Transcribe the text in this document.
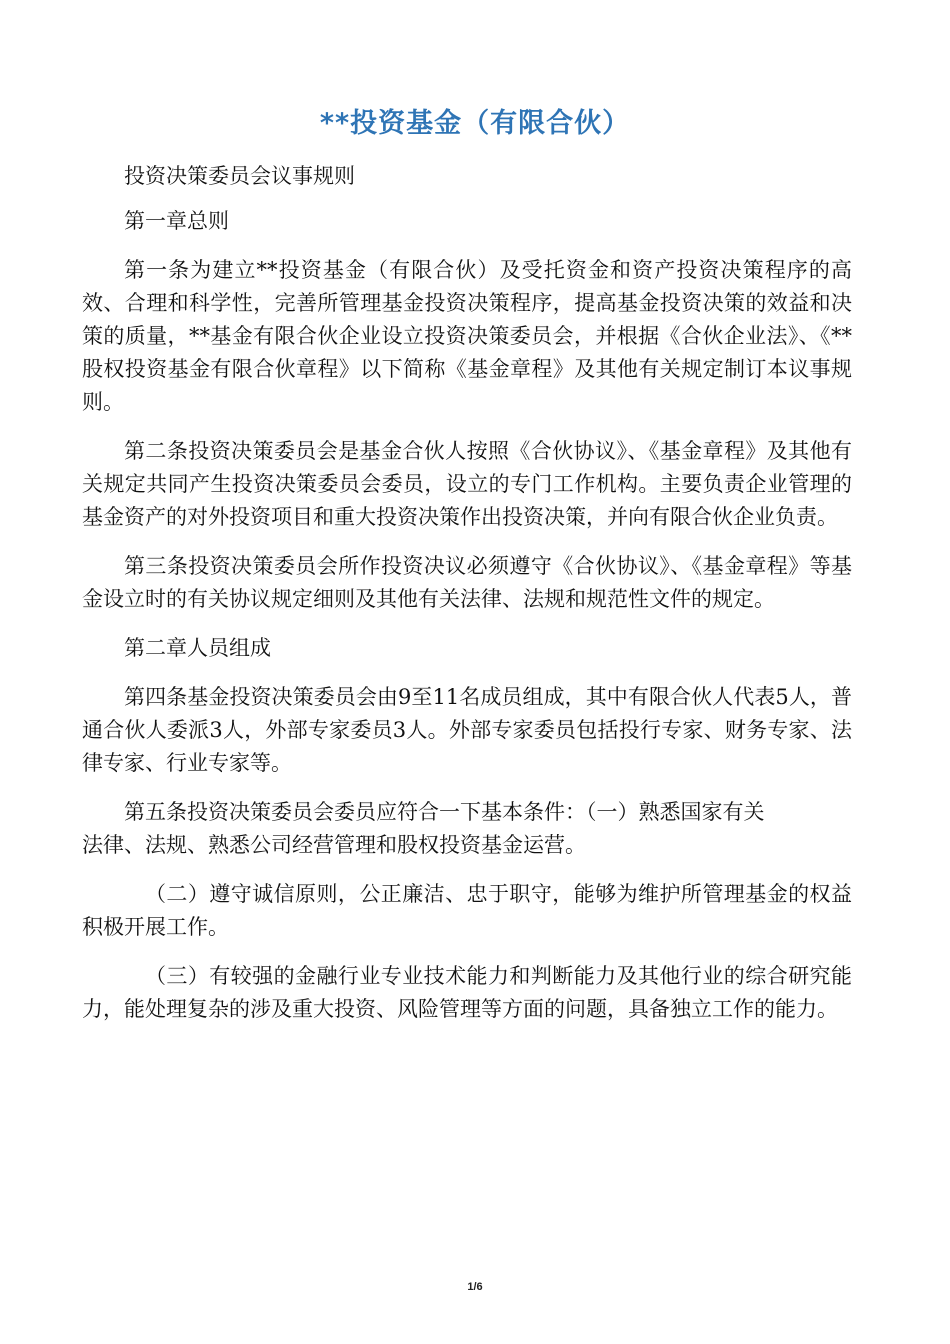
**投资基金（有限合伙）

投资决策委员会议事规则

第一章总则

第一条为建立**投资基金（有限合伙）及受托资金和资产投资决策程序的高效、合理和科学性，完善所管理基金投资决策程序，提高基金投资决策的效益和决策的质量，**基金有限合伙企业设立投资决策委员会，并根据《合伙企业法》、《**股权投资基金有限合伙章程》以下简称《基金章程》及其他有关规定制订本议事规则。

第二条投资决策委员会是基金合伙人按照《合伙协议》、《基金章程》及其他有关规定共同产生投资决策委员会委员，设立的专门工作机构。主要负责企业管理的基金资产的对外投资项目和重大投资决策作出投资决策，并向有限合伙企业负责。

第三条投资决策委员会所作投资决议必须遵守《合伙协议》、《基金章程》等基金设立时的有关协议规定细则及其他有关法律、法规和规范性文件的规定。

第二章人员组成

第四条基金投资决策委员会由9至11名成员组成，其中有限合伙人代表5人，普通合伙人委派3人，外部专家委员3人。外部专家委员包括投行专家、财务专家、法律专家、行业专家等。

第五条投资决策委员会委员应符合一下基本条件：（一）熟悉国家有关

法律、法规、熟悉公司经营管理和股权投资基金运营。

（二）遵守诚信原则，公正廉洁、忠于职守，能够为维护所管理基金的权益积极开展工作。

（三）有较强的金融行业专业技术能力和判断能力及其他行业的综合研究能力，能处理复杂的涉及重大投资、风险管理等方面的问题，具备独立工作的能力。

1/6
